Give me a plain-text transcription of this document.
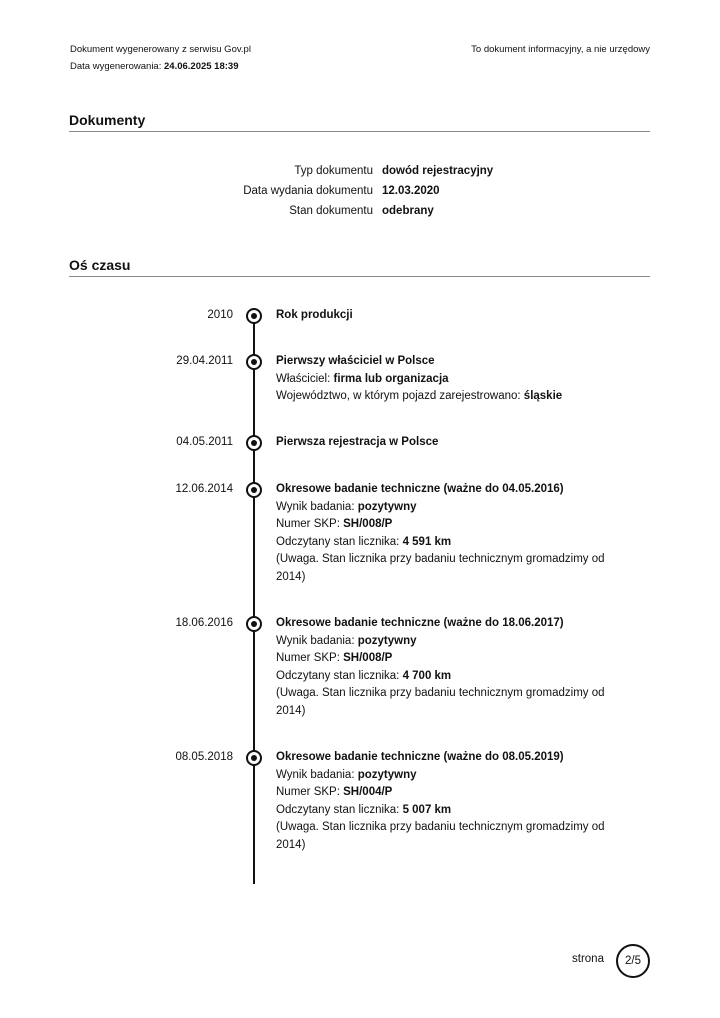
Dokument wygenerowany z serwisu Gov.pl
Data wygenerowania: 24.06.2025 18:39
To dokument informacyjny, a nie urzędowy
Dokumenty
Typ dokumentu dowód rejestracyjny
Data wydania dokumentu 12.03.2020
Stan dokumentu odebrany
Oś czasu
2010	Rok produkcji
29.04.2011	Pierwszy właściciel w Polsce
Właściciel: firma lub organizacja
Województwo, w którym pojazd zarejestrowano: śląskie
04.05.2011	Pierwsza rejestracja w Polsce
12.06.2014	Okresowe badanie techniczne (ważne do 04.05.2016)
Wynik badania: pozytywny
Numer SKP: SH/008/P
Odczytany stan licznika: 4 591 km
(Uwaga. Stan licznika przy badaniu technicznym gromadzimy od 2014)
18.06.2016	Okresowe badanie techniczne (ważne do 18.06.2017)
Wynik badania: pozytywny
Numer SKP: SH/008/P
Odczytany stan licznika: 4 700 km
(Uwaga. Stan licznika przy badaniu technicznym gromadzimy od 2014)
08.05.2018	Okresowe badanie techniczne (ważne do 08.05.2019)
Wynik badania: pozytywny
Numer SKP: SH/004/P
Odczytany stan licznika: 5 007 km
(Uwaga. Stan licznika przy badaniu technicznym gromadzimy od 2014)
strona 2/5
